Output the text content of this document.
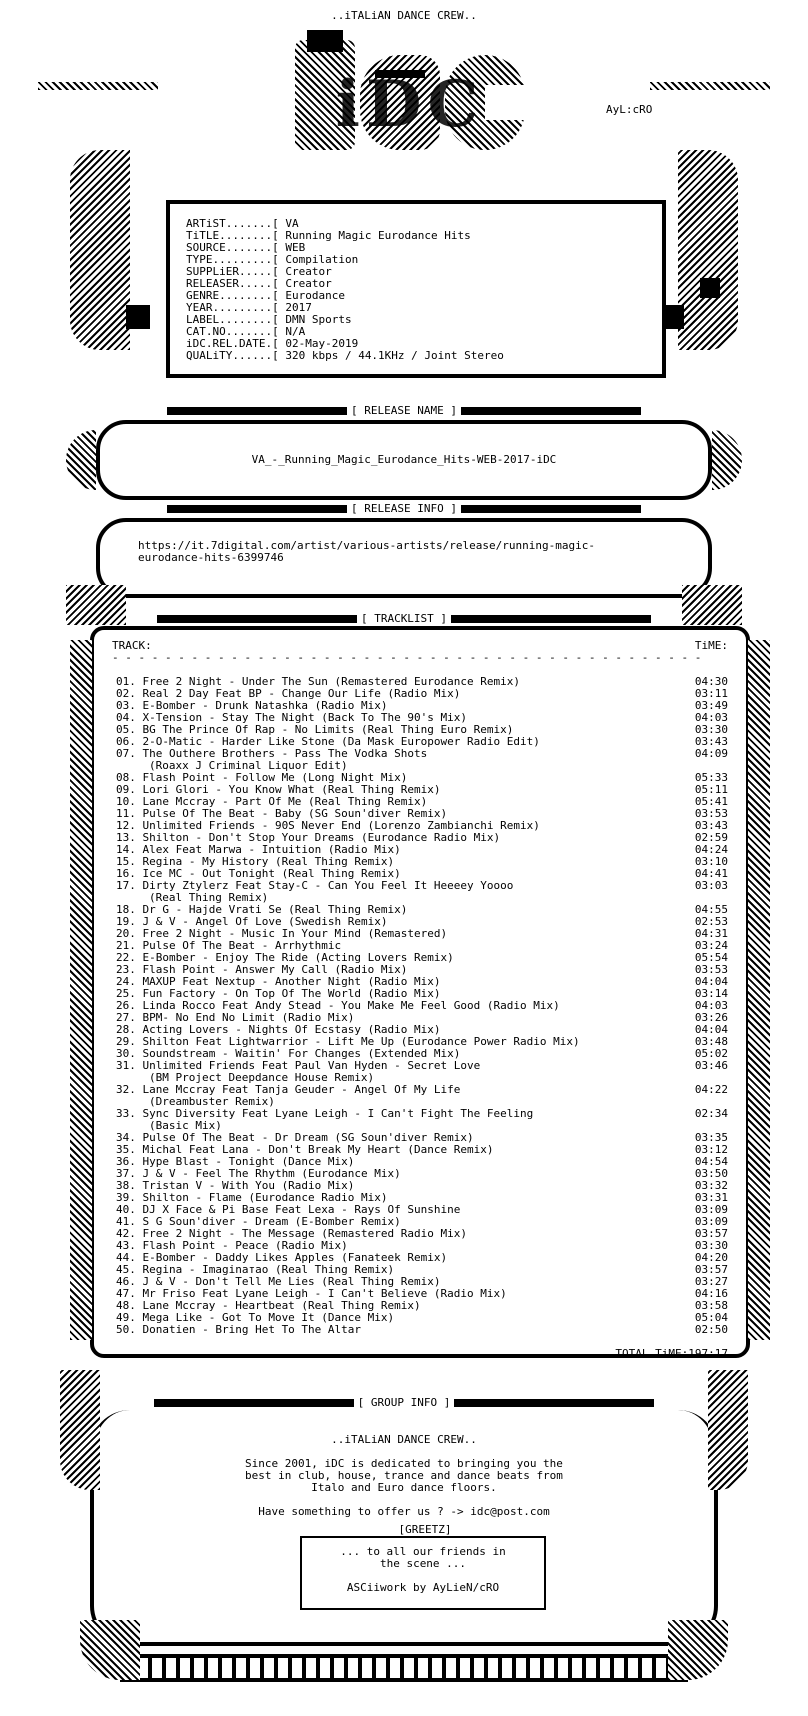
..iTALiAN DANCE CREW..
iDC	AyL:cRO
ARTiST.......[ VA
TiTLE........[ Running Magic Eurodance Hits
SOURCE.......[ WEB
TYPE.........[ Compilation
SUPPLiER.....[ Creator
RELEASER.....[ Creator
GENRE........[ Eurodance
YEAR.........[ 2017
LABEL........[ DMN Sports
CAT.NO.......[ N/A
iDC.REL.DATE.[ 02-May-2019
QUALiTY......[ 320 kbps / 44.1KHz / Joint Stereo
[ RELEASE NAME ]
VA_-_Running_Magic_Eurodance_Hits-WEB-2017-iDC
[ RELEASE INFO ]
https://it.7digital.com/artist/various-artists/release/running-magic-
eurodance-hits-6399746
[ TRACKLIST ]
TRACK:	TiME:
- - - - - - - - - - - - - - - - - - - - - - - - - - - - - - - - - - - - - - - - - - - - -
01. Free 2 Night - Under The Sun (Remastered Eurodance Remix)	04:30
02. Real 2 Day Feat BP - Change Our Life (Radio Mix)	03:11
03. E-Bomber - Drunk Natashka (Radio Mix)	03:49
04. X-Tension - Stay The Night (Back To The 90's Mix)	04:03
05. BG The Prince Of Rap - No Limits (Real Thing Euro Remix)	03:30
06. 2-O-Matic - Harder Like Stone (Da Mask Europower Radio Edit)	03:43
07. The Outhere Brothers - Pass The Vodka Shots	04:09
(Roaxx J Criminal Liquor Edit)
08. Flash Point - Follow Me (Long Night Mix)	05:33
09. Lori Glori - You Know What (Real Thing Remix)	05:11
10. Lane Mccray - Part Of Me (Real Thing Remix)	05:41
11. Pulse Of The Beat - Baby (SG Soun'diver Remix)	03:53
12. Unlimited Friends - 90S Never End (Lorenzo Zambianchi Remix)	03:43
13. Shilton - Don't Stop Your Dreams (Eurodance Radio Mix)	02:59
14. Alex Feat Marwa - Intuition (Radio Mix)	04:24
15. Regina - My History (Real Thing Remix)	03:10
16. Ice MC - Out Tonight (Real Thing Remix)	04:41
17. Dirty Ztylerz Feat Stay-C - Can You Feel It Heeeey Yoooo	03:03
(Real Thing Remix)
18. Dr G - Hajde Vrati Se (Real Thing Remix)	04:55
19. J & V - Angel Of Love (Swedish Remix)	02:53
20. Free 2 Night - Music In Your Mind (Remastered)	04:31
21. Pulse Of The Beat - Arrhythmic	03:24
22. E-Bomber - Enjoy The Ride (Acting Lovers Remix)	05:54
23. Flash Point - Answer My Call (Radio Mix)	03:53
24. MAXUP Feat Nextup - Another Night (Radio Mix)	04:04
25. Fun Factory - On Top Of The World (Radio Mix)	03:14
26. Linda Rocco Feat Andy Stead - You Make Me Feel Good (Radio Mix)	04:03
27. BPM- No End No Limit (Radio Mix)	03:26
28. Acting Lovers - Nights Of Ecstasy (Radio Mix)	04:04
29. Shilton Feat Lightwarrior - Lift Me Up (Eurodance Power Radio Mix)	03:48
30. Soundstream - Waitin' For Changes (Extended Mix)	05:02
31. Unlimited Friends Feat Paul Van Hyden - Secret Love	03:46
(BM Project Deepdance House Remix)
32. Lane Mccray Feat Tanja Geuder - Angel Of My Life	04:22
(Dreambuster Remix)
33. Sync Diversity Feat Lyane Leigh - I Can't Fight The Feeling	02:34
(Basic Mix)
34. Pulse Of The Beat - Dr Dream (SG Soun'diver Remix)	03:35
35. Michal Feat Lana - Don't Break My Heart (Dance Remix)	03:12
36. Hype Blast - Tonight (Dance Mix)	04:54
37. J & V - Feel The Rhythm (Eurodance Mix)	03:50
38. Tristan V - With You (Radio Mix)	03:32
39. Shilton - Flame (Eurodance Radio Mix)	03:31
40. DJ X Face & Pi Base Feat Lexa - Rays Of Sunshine	03:09
41. S G Soun'diver - Dream (E-Bomber Remix)	03:09
42. Free 2 Night - The Message (Remastered Radio Mix)	03:57
43. Flash Point - Peace (Radio Mix)	03:30
44. E-Bomber - Daddy Likes Apples (Fanateek Remix)	04:20
45. Regina - Imaginaтao (Real Thing Remix)	03:57
46. J & V - Don't Tell Me Lies (Real Thing Remix)	03:27
47. Mr Friso Feat Lyane Leigh - I Can't Believe (Radio Mix)	04:16
48. Lane Mccray - Heartbeat (Real Thing Remix)	03:58
49. Mega Like - Got To Move It (Dance Mix)	05:04
50. Donatien - Bring Het To The Altar	02:50
TOTAL TiME:197:17
[ GROUP INFO ]
..iTALiAN DANCE CREW..
Since 2001, iDC is dedicated to bringing you the
best in club, house, trance and dance beats from
Italo and Euro dance floors.
Have something to offer us ? -> idc@post.com
[GREETZ]
... to all our friends in
the scene ...
ASCiiwork by AyLieN/cRO
